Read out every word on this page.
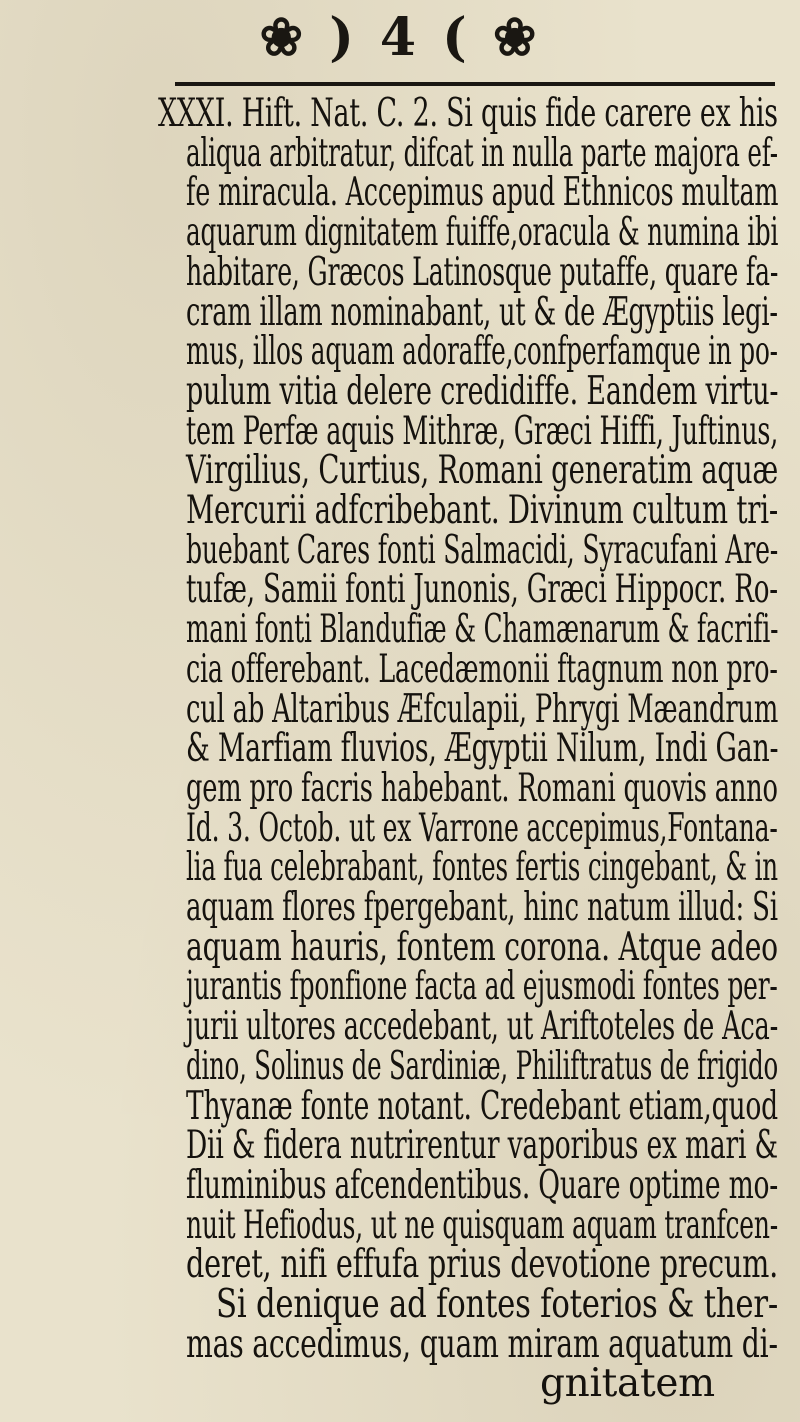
❀ ) 4 ( ❀
XXXI. Hift. Nat. C. 2. Si quis fide carere ex his
aliqua arbitratur, difcat in nulla parte majora ef-
fe miracula. Accepimus apud Ethnicos multam
aquarum dignitatem fuiffe,oracula & numina ibi
habitare, Græcos Latinosque putaffe, quare fa-
cram illam nominabant, ut & de Ægyptiis legi-
mus, illos aquam adoraffe,confperfamque in po-
pulum vitia delere credidiffe. Eandem virtu-
tem Perfæ aquis Mithræ, Græci Hiffi, Juftinus,
Virgilius, Curtius, Romani generatim aquæ
Mercurii adfcribebant. Divinum cultum tri-
buebant Cares fonti Salmacidi, Syracufani Are-
tufæ, Samii fonti Junonis, Græci Hippocr. Ro-
mani fonti Blandufiæ & Chamænarum & facrifi-
cia offerebant. Lacedæmonii ftagnum non pro-
cul ab Altaribus Æfculapii, Phrygi Mæandrum
& Marfiam fluvios, Ægyptii Nilum, Indi Gan-
gem pro facris habebant. Romani quovis anno
Id. 3. Octob. ut ex Varrone accepimus,Fontana-
lia fua celebrabant, fontes fertis cingebant, & in
aquam flores fpergebant, hinc natum illud: Si
aquam hauris, fontem corona. Atque adeo
jurantis fponfione facta ad ejusmodi fontes per-
jurii ultores accedebant, ut Ariftoteles de Aca-
dino, Solinus de Sardiniæ, Philiftratus de frigido
Thyanæ fonte notant. Credebant etiam,quod
Dii & fidera nutrirentur vaporibus ex mari &
fluminibus afcendentibus. Quare optime mo-
nuit Hefiodus, ut ne quisquam aquam tranfcen-
deret, nifi effufa prius devotione precum.
Si denique ad fontes foterios & ther-
mas accedimus, quam miram aquatum di-
gnitatem
